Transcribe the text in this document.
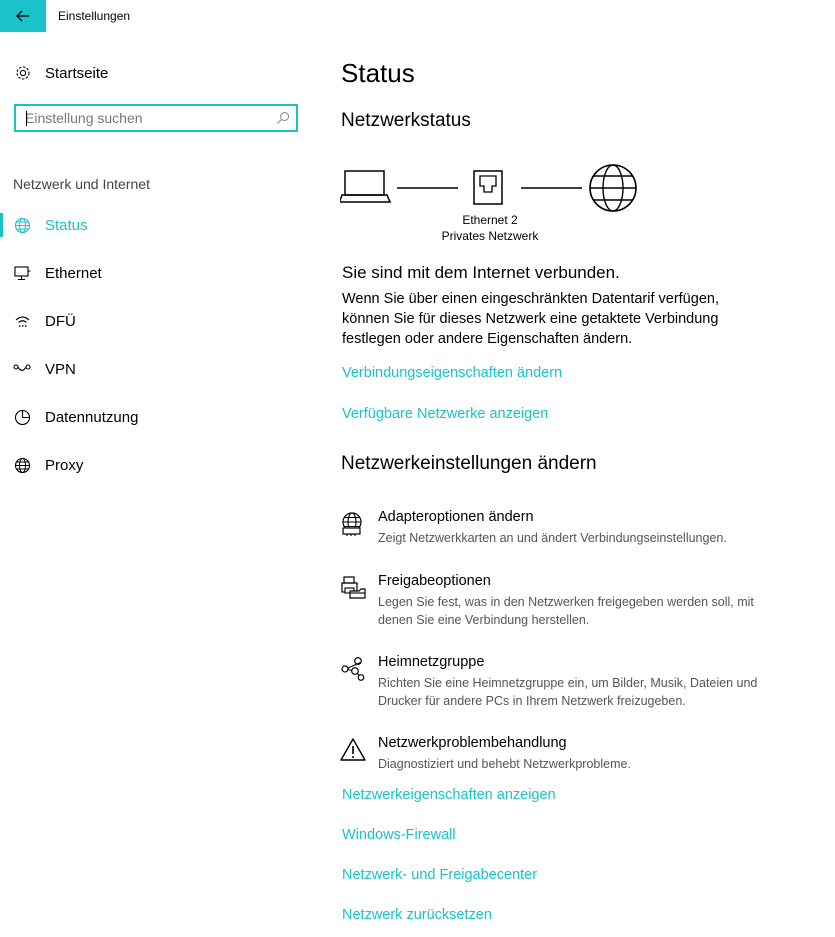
Einstellungen
Startseite
Einstellung suchen
Netzwerk und Internet
Status
Ethernet
DFÜ
VPN
Datennutzung
Proxy
Status
Netzwerkstatus
Ethernet 2
Privates Netzwerk
Sie sind mit dem Internet verbunden.
Wenn Sie über einen eingeschränkten Datentarif verfügen, können Sie für dieses Netzwerk eine getaktete Verbindung festlegen oder andere Eigenschaften ändern.
Verbindungseigenschaften ändern
Verfügbare Netzwerke anzeigen
Netzwerkeinstellungen ändern
Adapteroptionen ändern
Zeigt Netzwerkkarten an und ändert Verbindungseinstellungen.
Freigabeoptionen
Legen Sie fest, was in den Netzwerken freigegeben werden soll, mit denen Sie eine Verbindung herstellen.
Heimnetzgruppe
Richten Sie eine Heimnetzgruppe ein, um Bilder, Musik, Dateien und Drucker für andere PCs in Ihrem Netzwerk freizugeben.
Netzwerkproblembehandlung
Diagnostiziert und behebt Netzwerkprobleme.
Netzwerkeigenschaften anzeigen
Windows-Firewall
Netzwerk- und Freigabecenter
Netzwerk zurücksetzen
